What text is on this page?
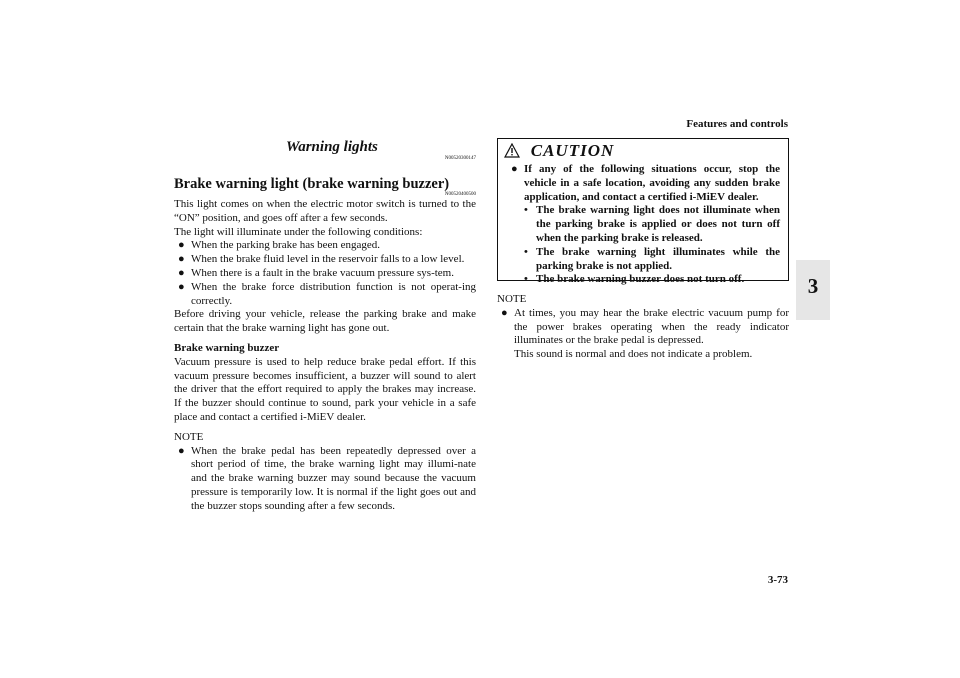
Features and controls
3
Warning lights
N00520300147
Brake warning light (brake warning buzzer)
N00520400500

This light comes on when the electric motor switch is turned to the “ON” position, and goes off after a few seconds.

The light will illuminate under the following conditions:

● When the parking brake has been engaged.
● When the brake fluid level in the reservoir falls to a low level.
● When there is a fault in the brake vacuum pressure sys-tem.
● When the brake force distribution function is not operat-ing correctly.

Before driving your vehicle, release the parking brake and make certain that the brake warning light has gone out.

Brake warning buzzer

Vacuum pressure is used to help reduce brake pedal effort. If this vacuum pressure becomes insufficient, a buzzer will sound to alert the driver that the effort required to apply the brakes may increase. If the buzzer should continue to sound, park your vehicle in a safe place and contact a certified i-MiEV dealer.

NOTE
● When the brake pedal has been repeatedly depressed over a short period of time, the brake warning light may illumi-nate and the brake warning buzzer may sound because the vacuum pressure is temporarily low. It is normal if the light goes out and the buzzer stops sounding after a few seconds.
CAUTION
● If any of the following situations occur, stop the vehicle in a safe location, avoiding any sudden brake application, and contact a certified i-MiEV dealer.
• The brake warning light does not illuminate when the parking brake is applied or does not turn off when the parking brake is released.
• The brake warning light illuminates while the parking brake is not applied.
• The brake warning buzzer does not turn off.
NOTE
● At times, you may hear the brake electric vacuum pump for the power brakes operating when the ready indicator illuminates or the brake pedal is depressed.
This sound is normal and does not indicate a problem.
3-73
